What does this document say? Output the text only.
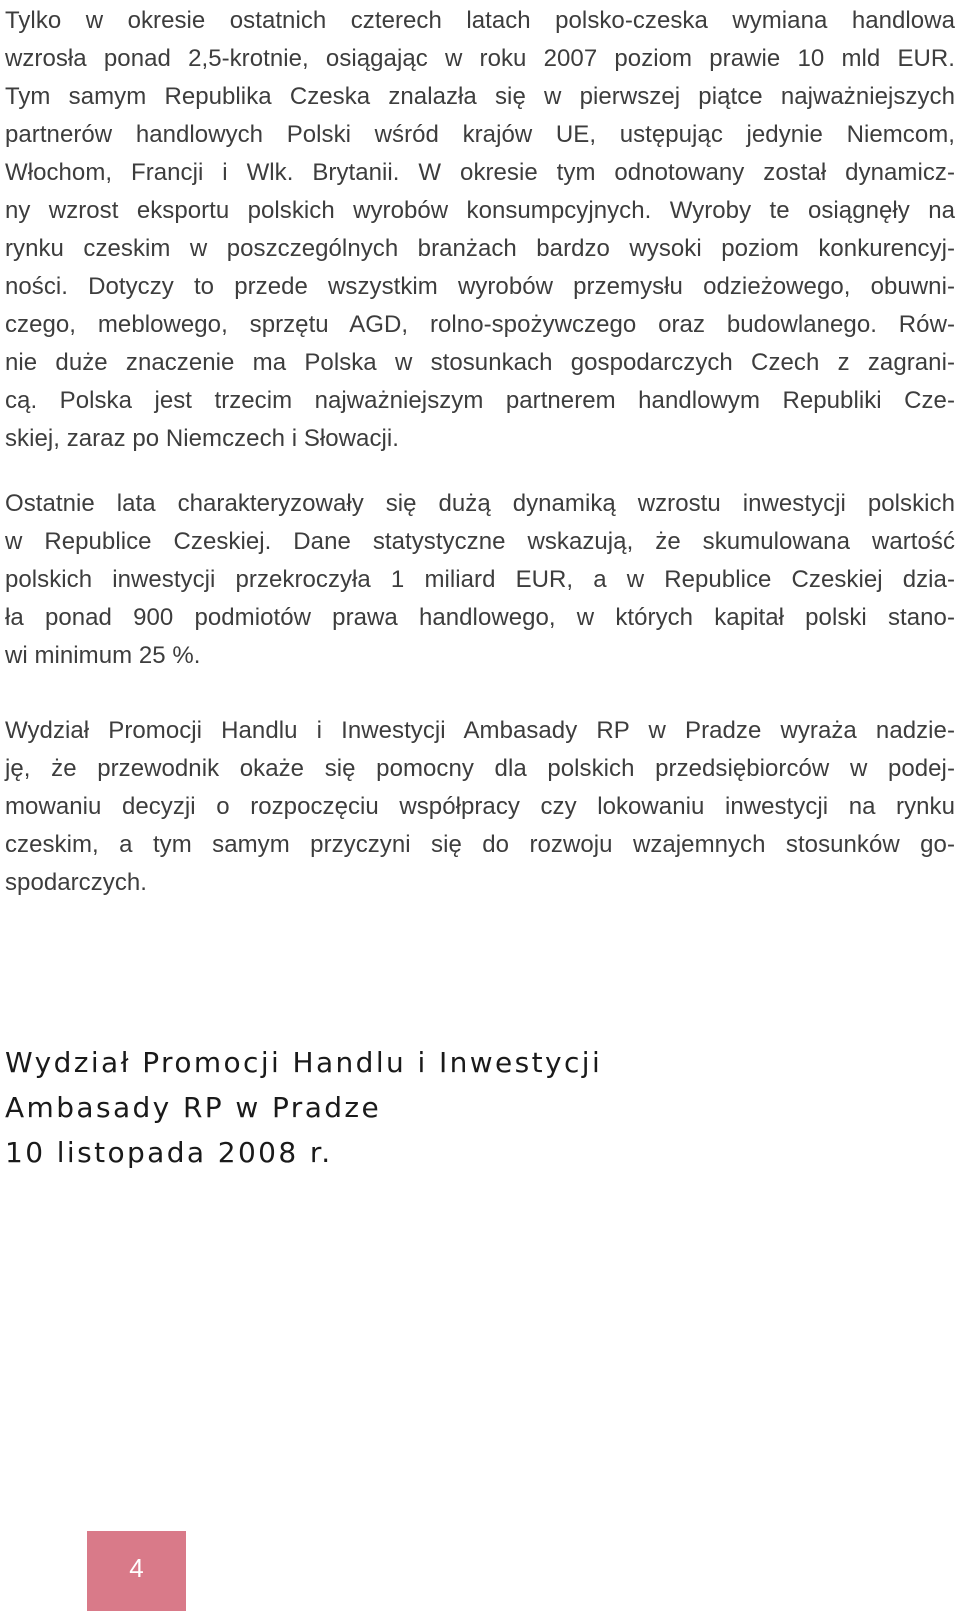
Tylko w okresie ostatnich czterech latach polsko-czeska wymiana handlowa
wzrosła ponad 2,5-krotnie, osiągając w roku 2007 poziom prawie 10 mld EUR.
Tym samym Republika Czeska znalazła się w pierwszej piątce najważniejszych
partnerów handlowych Polski wśród krajów UE, ustępując jedynie Niemcom,
Włochom, Francji i Wlk. Brytanii. W okresie tym odnotowany został dynamicz-
ny wzrost eksportu polskich wyrobów konsumpcyjnych. Wyroby te osiągnęły na
rynku czeskim w poszczególnych branżach bardzo wysoki poziom konkurencyj-
ności. Dotyczy to przede wszystkim wyrobów przemysłu odzieżowego, obuwni-
czego, meblowego, sprzętu AGD, rolno-spożywczego oraz budowlanego. Rów-
nie duże znaczenie ma Polska w stosunkach gospodarczych Czech z zagrani-
cą. Polska jest trzecim najważniejszym partnerem handlowym Republiki Cze-
skiej, zaraz po Niemczech i Słowacji.
Ostatnie lata charakteryzowały się dużą dynamiką wzrostu inwestycji polskich
w Republice Czeskiej. Dane statystyczne wskazują, że skumulowana wartość
polskich inwestycji przekroczyła 1 miliard EUR, a w Republice Czeskiej dzia-
ła ponad 900 podmiotów prawa handlowego, w których kapitał polski stano-
wi minimum 25 %.
Wydział Promocji Handlu i Inwestycji Ambasady RP w Pradze wyraża nadzie-
ję, że przewodnik okaże się pomocny dla polskich przedsiębiorców w podej-
mowaniu decyzji o rozpoczęciu współpracy czy lokowaniu inwestycji na rynku
czeskim, a tym samym przyczyni się do rozwoju wzajemnych stosunków go-
spodarczych.
Wydział Promocji Handlu i Inwestycji
Ambasady RP w Pradze
10 listopada 2008 r.
4
